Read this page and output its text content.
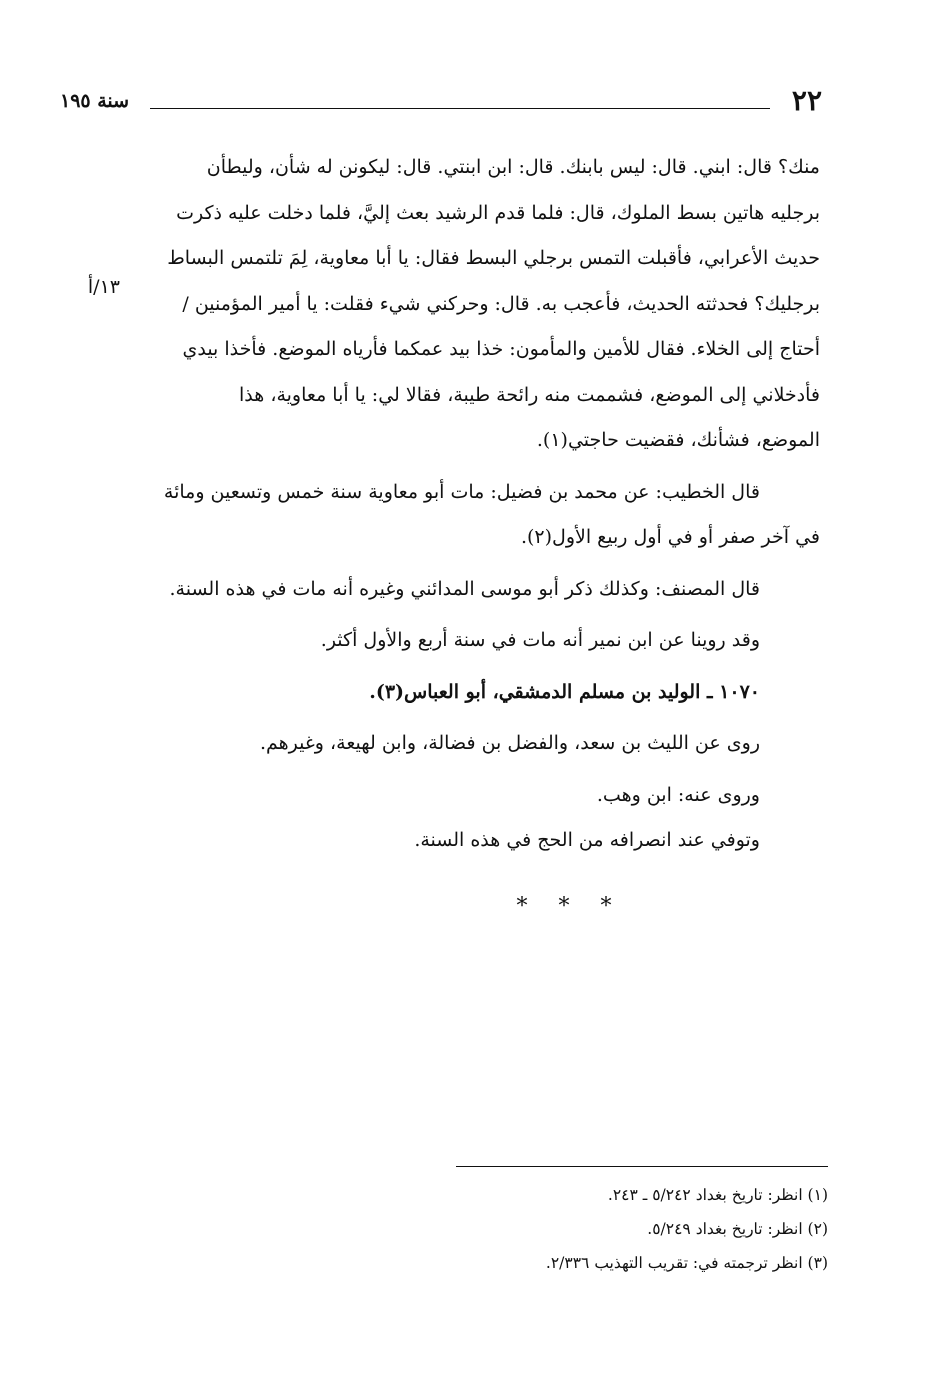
٢٢
سنة ١٩٥
١٣/أ

منك؟ قال: ابني. قال: ليس بابنك. قال: ابن ابنتي. قال: ليكونن له شأن، وليطأن

برجليه هاتين بسط الملوك، قال: فلما قدم الرشيد بعث إليَّ، فلما دخلت عليه ذكرت

حديث الأعرابي، فأقبلت التمس برجلي البسط فقال: يا أبا معاوية، لِمَ تلتمس البساط

برجليك؟ فحدثته الحديث، فأعجب به. قال: وحركني شيء فقلت: يا أمير المؤمنين /

أحتاج إلى الخلاء. فقال للأمين والمأمون: خذا بيد عمكما فأرياه الموضع. فأخذا بيدي

فأدخلاني إلى الموضع، فشممت منه رائحة طيبة، فقالا لي: يا أبا معاوية، هذا

الموضع، فشأنك، فقضيت حاجتي(١).

قال الخطيب: عن محمد بن فضيل: مات أبو معاوية سنة خمس وتسعين ومائة

في آخر صفر أو في أول ربيع الأول(٢).

قال المصنف: وكذلك ذكر أبو موسى المدائني وغيره أنه مات في هذه السنة.

وقد روينا عن ابن نمير أنه مات في سنة أربع والأول أكثر.

١٠٧٠ ـ الوليد بن مسلم الدمشقي، أبو العباس(٣).

روى عن الليث بن سعد، والفضل بن فضالة، وابن لهيعة، وغيرهم.

وروى عنه: ابن وهب.

وتوفي عند انصرافه من الحج في هذه السنة.

* * *

(١) انظر: تاريخ بغداد ٥/٢٤٢ ـ ٢٤٣.

(٢) انظر: تاريخ بغداد ٥/٢٤٩.

(٣) انظر ترجمته في: تقريب التهذيب ٢/٣٣٦.
